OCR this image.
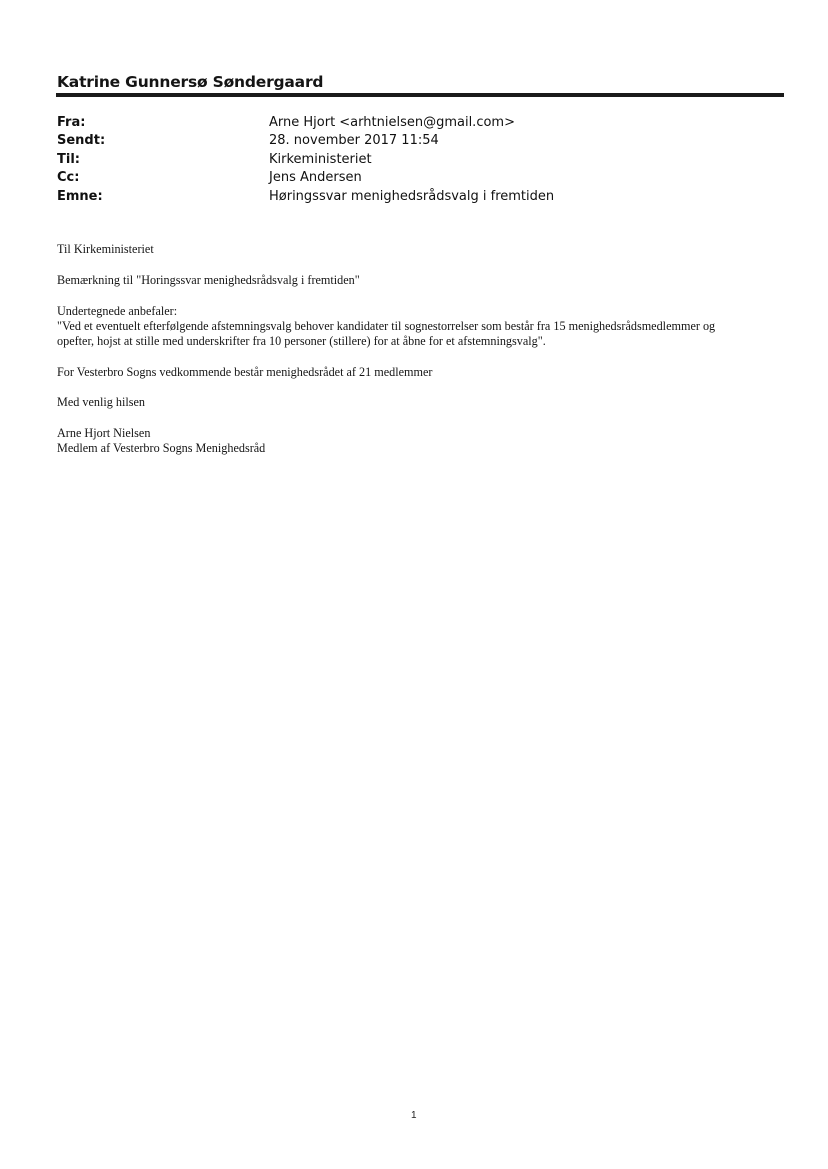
Katrine Gunnersø Søndergaard
Fra:	Arne Hjort <arhtnielsen@gmail.com>
Sendt:	28. november 2017 11:54
Til:	Kirkeministeriet
Cc:	Jens Andersen
Emne:	Høringssvar menighedsrådsvalg i fremtiden
Til Kirkeministeriet
Bemærkning til "Horingssvar menighedsrådsvalg i fremtiden"
Undertegnede anbefaler:
"Ved et eventuelt efterfølgende afstemningsvalg behover kandidater til sognestorrelser som består fra 15 menighedsrådsmedlemmer og
opefter, hojst at stille med underskrifter fra 10 personer (stillere) for at åbne for et afstemningsvalg".
For Vesterbro Sogns vedkommende består menighedsrådet af 21 medlemmer
Med venlig hilsen
Arne Hjort Nielsen
Medlem af Vesterbro Sogns Menighedsråd
1
